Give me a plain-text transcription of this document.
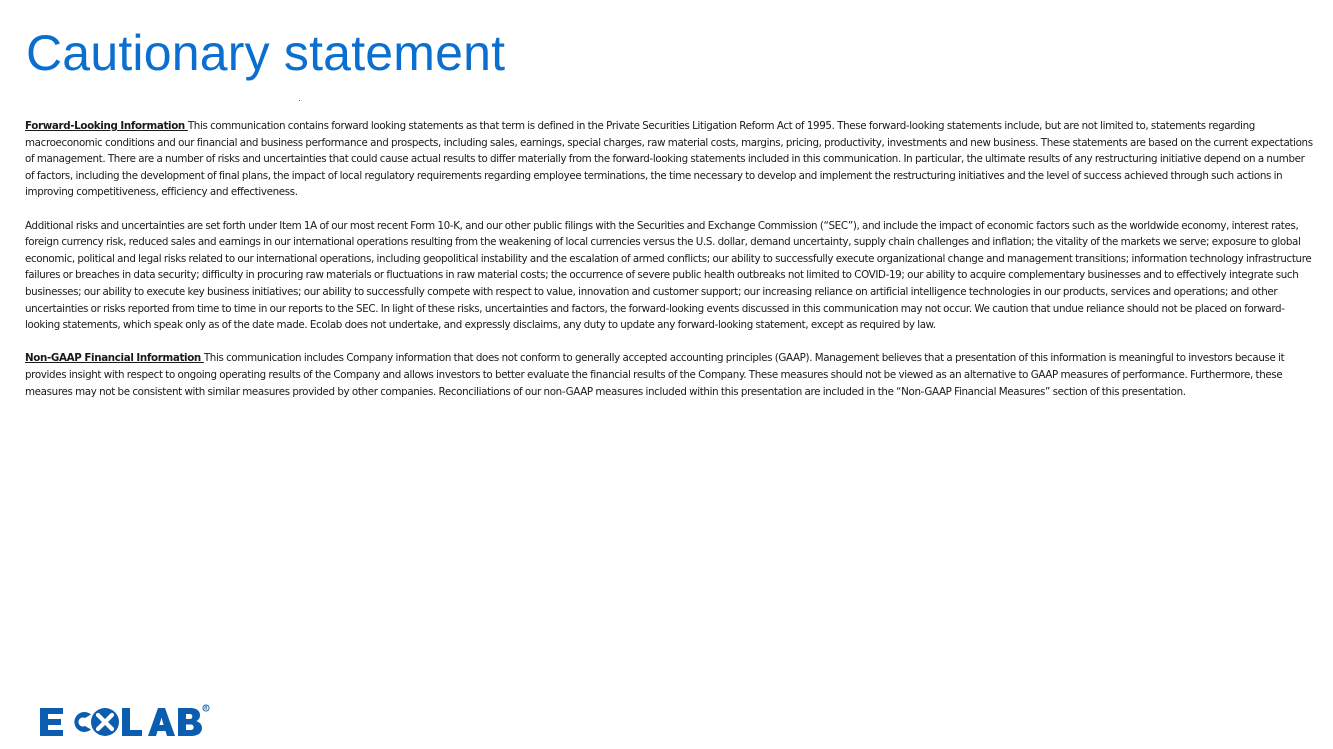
Cautionary statement

Forward-Looking Information This communication contains forward looking statements as that term is defined in the Private Securities Litigation Reform Act of 1995. These forward-looking statements include, but are not limited to, statements regarding macroeconomic conditions and our financial and business performance and prospects, including sales, earnings, special charges, raw material costs, margins, pricing, productivity, investments and new business. These statements are based on the current expectations of management. There are a number of risks and uncertainties that could cause actual results to differ materially from the forward-looking statements included in this communication. In particular, the ultimate results of any restructuring initiative depend on a number of factors, including the development of final plans, the impact of local regulatory requirements regarding employee terminations, the time necessary to develop and implement the restructuring initiatives and the level of success achieved through such actions in improving competitiveness, efficiency and effectiveness.

Additional risks and uncertainties are set forth under Item 1A of our most recent Form 10-K, and our other public filings with the Securities and Exchange Commission (“SEC”), and include the impact of economic factors such as the worldwide economy, interest rates, foreign currency risk, reduced sales and earnings in our international operations resulting from the weakening of local currencies versus the U.S. dollar, demand uncertainty, supply chain challenges and inflation; the vitality of the markets we serve; exposure to global economic, political and legal risks related to our international operations, including geopolitical instability and the escalation of armed conflicts; our ability to successfully execute organizational change and management transitions; information technology infrastructure failures or breaches in data security; difficulty in procuring raw materials or fluctuations in raw material costs; the occurrence of severe public health outbreaks not limited to COVID-19; our ability to acquire complementary businesses and to effectively integrate such businesses; our ability to execute key business initiatives; our ability to successfully compete with respect to value, innovation and customer support; our increasing reliance on artificial intelligence technologies in our products, services and operations; and other uncertainties or risks reported from time to time in our reports to the SEC. In light of these risks, uncertainties and factors, the forward-looking events discussed in this communication may not occur. We caution that undue reliance should not be placed on forward-looking statements, which speak only as of the date made. Ecolab does not undertake, and expressly disclaims, any duty to update any forward-looking statement, except as required by law.

Non-GAAP Financial Information This communication includes Company information that does not conform to generally accepted accounting principles (GAAP). Management believes that a presentation of this information is meaningful to investors because it provides insight with respect to ongoing operating results of the Company and allows investors to better evaluate the financial results of the Company. These measures should not be viewed as an alternative to GAAP measures of performance. Furthermore, these measures may not be consistent with similar measures provided by other companies. Reconciliations of our non-GAAP measures included within this presentation are included in the “Non-GAAP Financial Measures” section of this presentation.
